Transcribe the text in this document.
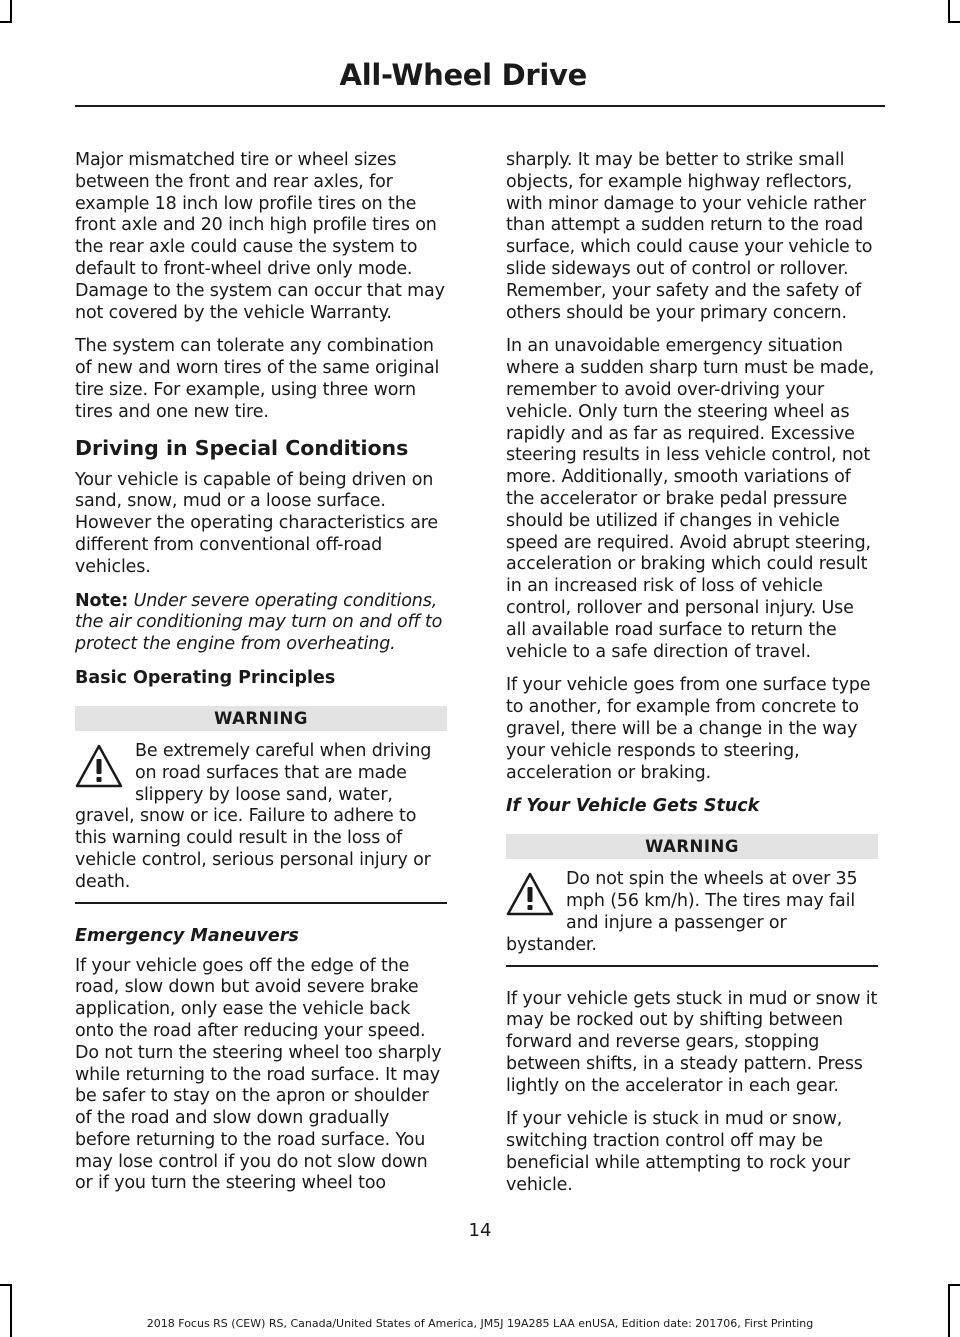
All-Wheel Drive

Major mismatched tire or wheel sizes between the front and rear axles, for example 18 inch low profile tires on the front axle and 20 inch high profile tires on the rear axle could cause the system to default to front-wheel drive only mode. Damage to the system can occur that may not covered by the vehicle Warranty.

The system can tolerate any combination of new and worn tires of the same original tire size. For example, using three worn tires and one new tire.

Driving in Special Conditions

Your vehicle is capable of being driven on sand, snow, mud or a loose surface. However the operating characteristics are different from conventional off-road vehicles.

Note: Under severe operating conditions, the air conditioning may turn on and off to protect the engine from overheating.

Basic Operating Principles
WARNING
Be extremely careful when driving on road surfaces that are made slippery by loose sand, water, gravel, snow or ice. Failure to adhere to this warning could result in the loss of vehicle control, serious personal injury or death.
Emergency Maneuvers

If your vehicle goes off the edge of the road, slow down but avoid severe brake application, only ease the vehicle back onto the road after reducing your speed. Do not turn the steering wheel too sharply while returning to the road surface. It may be safer to stay on the apron or shoulder of the road and slow down gradually before returning to the road surface. You may lose control if you do not slow down or if you turn the steering wheel too

sharply. It may be better to strike small objects, for example highway reflectors, with minor damage to your vehicle rather than attempt a sudden return to the road surface, which could cause your vehicle to slide sideways out of control or rollover. Remember, your safety and the safety of others should be your primary concern.

In an unavoidable emergency situation where a sudden sharp turn must be made, remember to avoid over-driving your vehicle. Only turn the steering wheel as rapidly and as far as required. Excessive steering results in less vehicle control, not more. Additionally, smooth variations of the accelerator or brake pedal pressure should be utilized if changes in vehicle speed are required. Avoid abrupt steering, acceleration or braking which could result in an increased risk of loss of vehicle control, rollover and personal injury. Use all available road surface to return the vehicle to a safe direction of travel.

If your vehicle goes from one surface type to another, for example from concrete to gravel, there will be a change in the way your vehicle responds to steering, acceleration or braking.

If Your Vehicle Gets Stuck
WARNING
Do not spin the wheels at over 35 mph (56 km/h). The tires may fail and injure a passenger or bystander.

If your vehicle gets stuck in mud or snow it may be rocked out by shifting between forward and reverse gears, stopping between shifts, in a steady pattern. Press lightly on the accelerator in each gear.

If your vehicle is stuck in mud or snow, switching traction control off may be beneficial while attempting to rock your vehicle.

14
2018 Focus RS (CEW) RS, Canada/United States of America, JM5J 19A285 LAA enUSA, Edition date: 201706, First Printing
